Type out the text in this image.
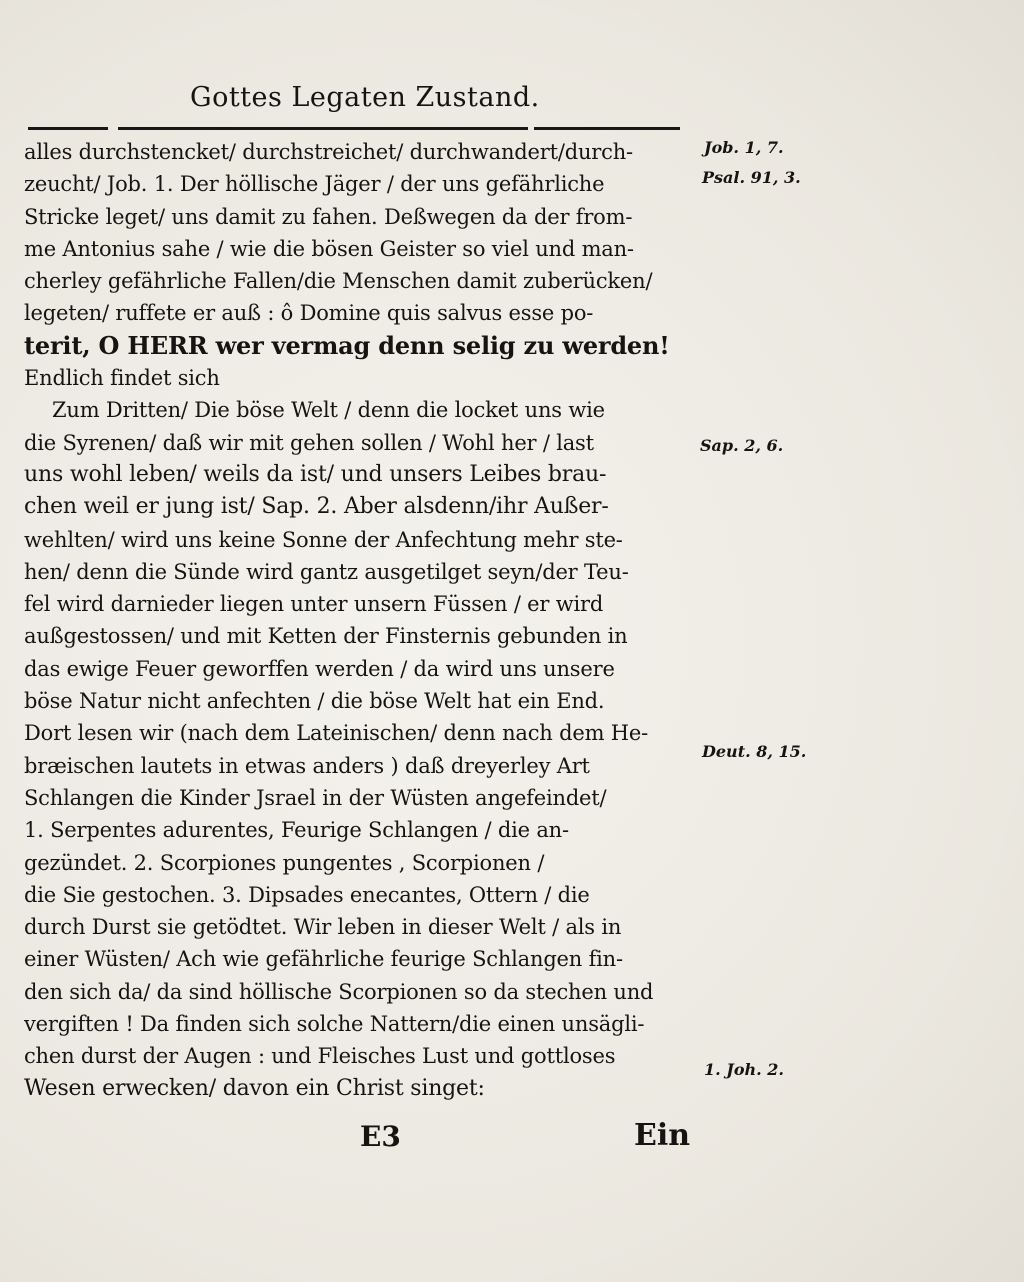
Gottes Legaten Zustand.
alles durchstencket/ durchstreichet/ durchwandert/durch-
zeucht/ Job. 1. Der höllische Jäger / der uns gefährliche
Stricke leget/ uns damit zu fahen. Deßwegen da der from-
me Antonius sahe / wie die bösen Geister so viel und man-
cherley gefährliche Fallen/die Menschen damit zuberücken/
legeten/ ruffete er auß : ô Domine quis salvus esse po-
terit, O HERR wer vermag denn selig zu werden!
Endlich findet sich
Zum Dritten/ Die böse Welt / denn die locket uns wie
die Syrenen/ daß wir mit gehen sollen / Wohl her / last
uns wohl leben/ weils da ist/ und unsers Leibes brau-
chen weil er jung ist/ Sap. 2. Aber alsdenn/ihr Außer-
wehlten/ wird uns keine Sonne der Anfechtung mehr ste-
hen/ denn die Sünde wird gantz ausgetilget seyn/der Teu-
fel wird darnieder liegen unter unsern Füssen / er wird
außgestossen/ und mit Ketten der Finsternis gebunden in
das ewige Feuer geworffen werden / da wird uns unsere
böse Natur nicht anfechten / die böse Welt hat ein End.
Dort lesen wir (nach dem Lateinischen/ denn nach dem He-
bræischen lautets in etwas anders ) daß dreyerley Art
Schlangen die Kinder Jsrael in der Wüsten angefeindet/
1. Serpentes adurentes, Feurige Schlangen / die an-
gezündet. 2. Scorpiones pungentes , Scorpionen /
die Sie gestochen. 3. Dipsades enecantes, Ottern / die
durch Durst sie getödtet. Wir leben in dieser Welt / als in
einer Wüsten/ Ach wie gefährliche feurige Schlangen fin-
den sich da/ da sind höllische Scorpionen so da stechen und
vergiften ! Da finden sich solche Nattern/die einen unsägli-
chen durst der Augen : und Fleisches Lust und gottloses
Wesen erwecken/ davon ein Christ singet:
Job. 1, 7.
Psal. 91, 3.
Sap. 2, 6.
Deut. 8, 15.
1. Joh. 2.
E3	Ein
